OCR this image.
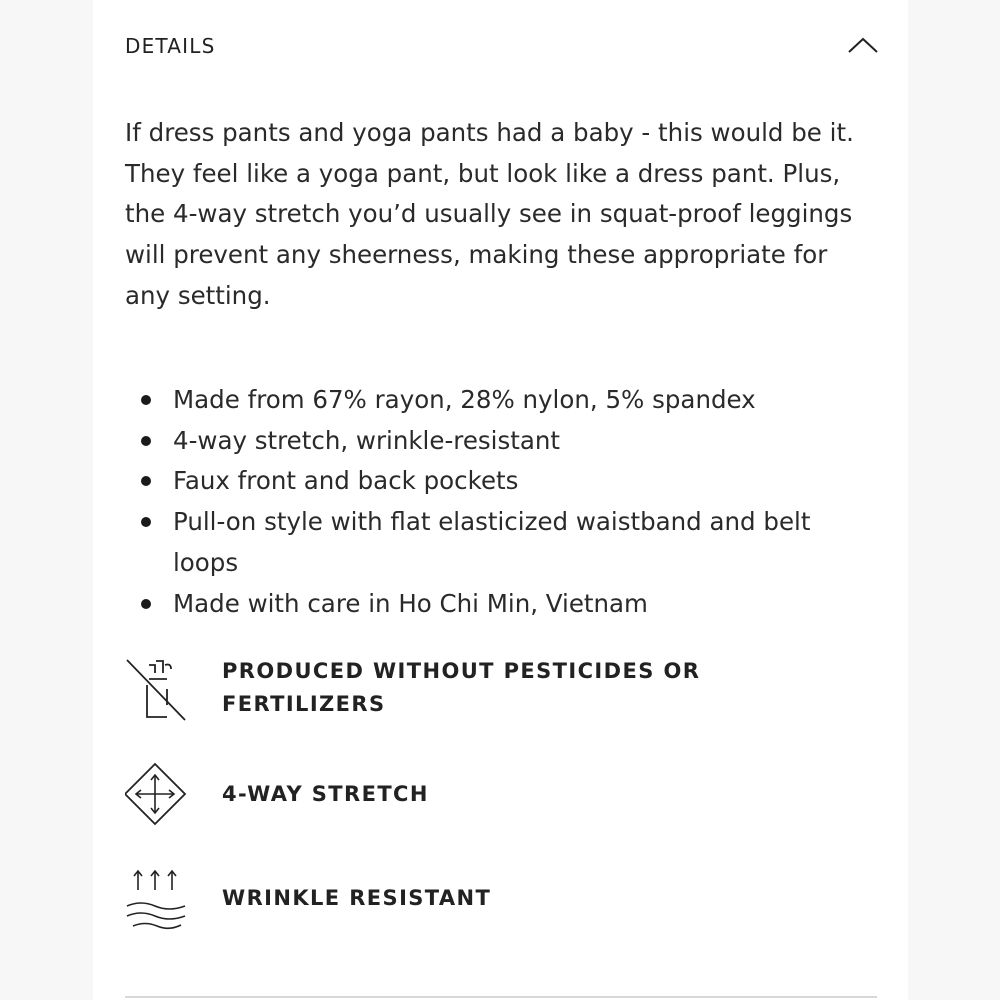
DETAILS

If dress pants and yoga pants had a baby - this would be it. They feel like a yoga pant, but look like a dress pant. Plus, the 4-way stretch you’d usually see in squat-proof leggings will prevent any sheerness, making these appropriate for any setting.

Made from 67% rayon, 28% nylon, 5% spandex
4-way stretch, wrinkle-resistant
Faux front and back pockets
Pull-on style with flat elasticized waistband and belt loops
Made with care in Ho Chi Min, Vietnam
PRODUCED WITHOUT PESTICIDES OR FERTILIZERS
4-WAY STRETCH
WRINKLE RESISTANT
